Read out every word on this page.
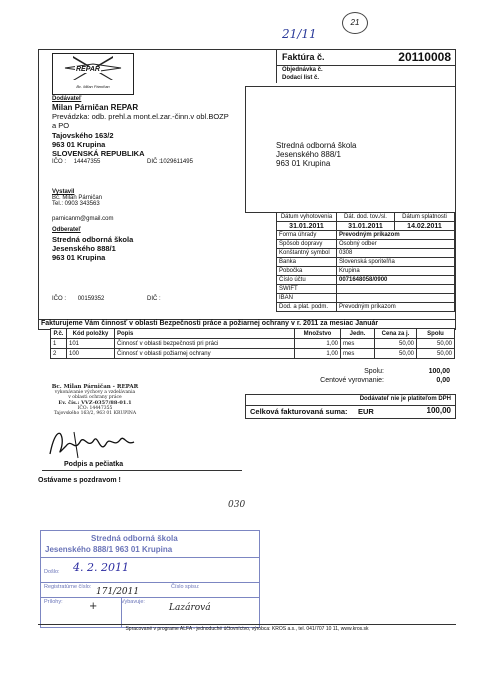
21/11
21
REPAR
Bc. Milan Párničan
Faktúra č.	20110008
Objednávka č.
Dodací list č.
Dodávateľ
Milan Párničan REPAR
Prevádzka: odb. prehl.a mont.el.zar.-činn.v obl.BOZP
a PO
Tajovského 163/2
963 01 Krupina
SLOVENSKÁ REPUBLIKA
IČO : 14447355	DIČ : 1029611495
Vystavil
Bc. Milan Párničan
Tel.: 0903 343563
parnicanm@gmail.com
Stredná odborná škola
Jesenského 888/1
963 01 Krupina
Odberateľ
Stredná odborná škola
Jesenského 888/1
963 01 Krupina
IČO : 00159352	DIČ :
Dátum vyhotovenia	Dát. dod. tov./sl.	Dátum splatnosti
31.01.2011	31.01.2011	14.02.2011
Forma úhrady	Prevodným príkazom	
Spôsob dopravy	Osobný odber	
Konštantný symbol	0308	
Banka	Slovenská sporiteľňa	
Pobočka	Krupina	
Číslo účtu	0071648058/0900	
SWIFT		
IBAN		
Dod. a plat. podm.	Prevodným príkazom	
Fakturujeme Vám činnosť v oblasti Bezpečnosti práce a požiarnej ochrany v r. 2011 za mesiac Január
P.č.	Kód položky	Popis	Množstvo	Jedn.	Cena za j.	Spolu
1	101	Činnosť v oblasti bezpečnosti pri práci	1,00	mes	50,00	50,00
2	100	Činnosť v oblasti požiarnej ochrany	1,00	mes	50,00	50,00
Spolu:	100,00
Centové vyrovnanie:	0,00
Dodávateľ nie je platiteľom DPH
Celková fakturovaná suma: EUR	100,00
Bc. Milan Párničan - REPAR
vykonávanie výchovy a vzdelávania
v oblasti ochrany práce
Ev. čís.: VVZ-0357/88-01.1
IČO: 14447355
Tajovského 163/2, 963 01 KRUPINA
Podpis a pečiatka
Ostávame s pozdravom !
030
Stredná odborná škola
Jesenského 888/1 963 01 Krupina
Došlo: 4. 2. 2011
Registratúrne číslo: 171/2011	Číslo spisu:
Prílohy:	+	Vybavuje:
Lazárová
Spracované v programe ALFA - jednoduché účtovníctvo, výrobca: KROS a.s., tel. 041/707 10 11, www.kros.sk
